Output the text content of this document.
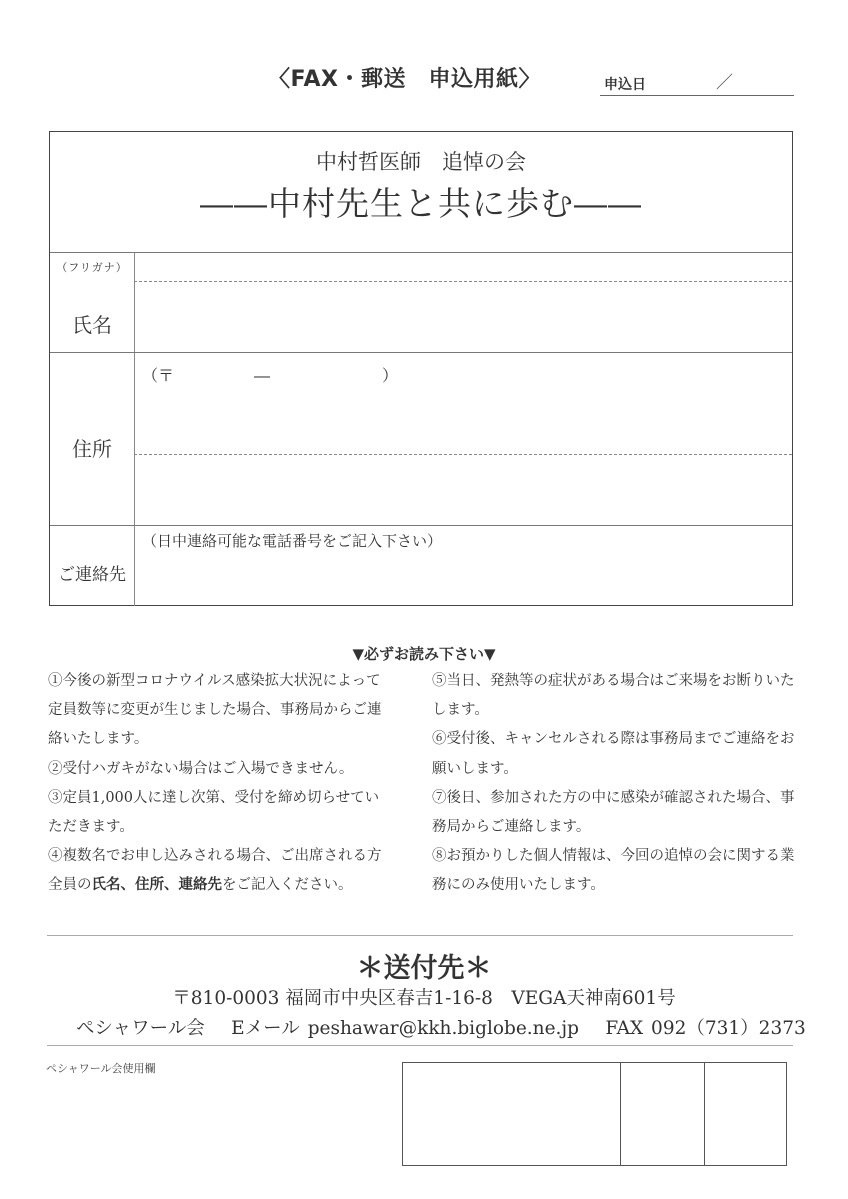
〈FAX・郵送　申込用紙〉	申込日	／
中村哲医師　追悼の会
――中村先生と共に歩む――
（フリガナ）
氏名
（〒　　　　　―　　　　　　　）
住所
（日中連絡可能な電話番号をご記入下さい）
ご連絡先
▼必ずお読み下さい▼
①今後の新型コロナウイルス感染拡大状況によって定員数等に変更が生じました場合、事務局からご連絡いたします。
②受付ハガキがない場合はご入場できません。
③定員1,000人に達し次第、受付を締め切らせていただきます。
④複数名でお申し込みされる場合、ご出席される方全員の氏名、住所、連絡先をご記入ください。
⑤当日、発熱等の症状がある場合はご来場をお断りいたします。
⑥受付後、キャンセルされる際は事務局までご連絡をお願いします。
⑦後日、参加された方の中に感染が確認された場合、事務局からご連絡します。
⑧お預かりした個人情報は、今回の追悼の会に関する業務にのみ使用いたします。
＊送付先＊
〒810-0003 福岡市中央区春吉1-16-8　VEGA天神南601号
ペシャワール会　 Eメール peshawar@kkh.biglobe.ne.jp　 FAX 092（731）2373
ペシャワール会使用欄
